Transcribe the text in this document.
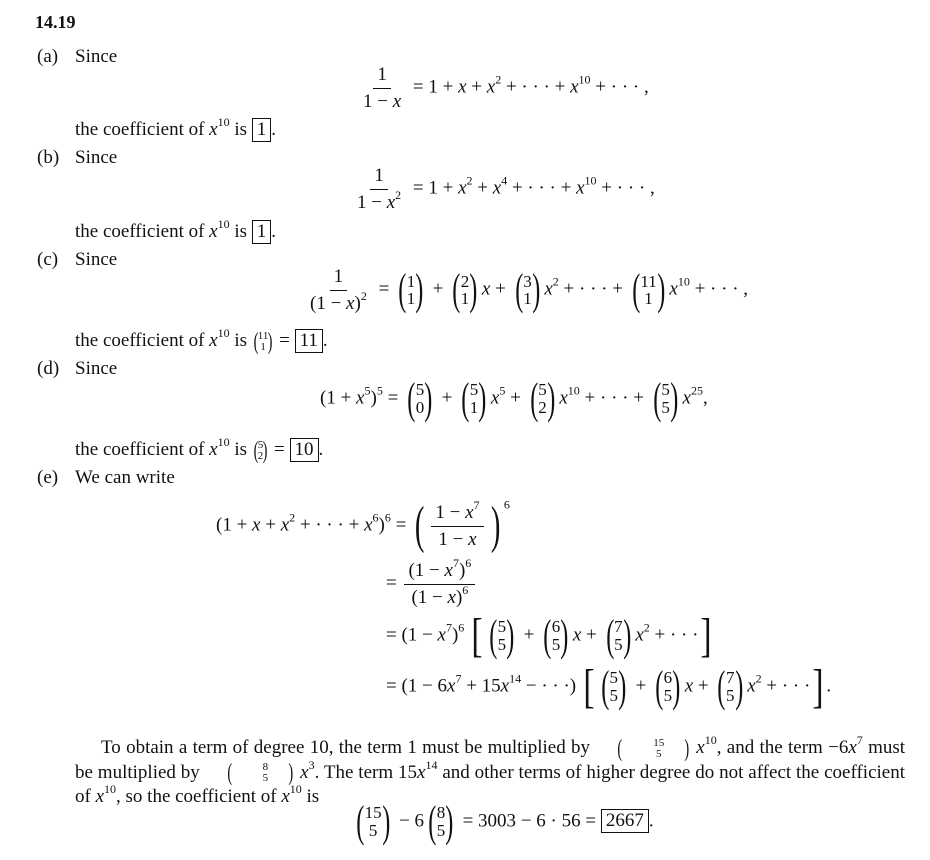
14.19
(a) Since
$\frac{1}{1 - x} = 1 + x + x^2$ + · · · + $x^{10}$ + · · · ,
the coefficient of $x^{10}$ is 1 .
(b) Since
$\frac{1}{1 - x^2} = 1 + x^2 + x^4$ + · · · + $x^{10}$ + · · · ,
the coefficient of $x^{10}$ is 1 .
(c) Since
$\frac{1}{(1 - x)^2}$ = ( 1
1 ) + ( 2
1 ) x + ( 3
1 ) $x^2$ + · · · + ( 11
1 ) $x^{10}$ + · · · ,
the coefficient of $x^{10}$ is ( 11
1 ) = 11 .
(d) Since
$(1 + x^5)^5$ = ( 5
0 ) + ( 5
1 ) $x^5$ + ( 5
2 ) $x^{10}$ + · · · + ( 5
5 ) $x^{25}$,
the coefficient of $x^{10}$ is ( 5
2 ) = 10 .
(e) We can write
($1 + x + x^2$ + · · · + $x^6)^6$ = ( $\frac{1 - x^7}{1 - x}$ ) $^6$
= $\frac{(1 - x^7)^6}{(1 - x)^6}$
= $(1 - x^7)^6$ [ ( 5
5 ) + ( 6
5 ) x + ( 7
5 ) $x^2$ + · · ·]
= ($1 - 6x^7 + 15x^{14}$ − · · ·) [ ( 5
5 ) + ( 6
5 ) x + ( 7
5 ) $x^2$ + · · ·] .
To obtain a term of degree 10, the term 1 must be multiplied by	(	15
5 ) $x^{10}$, and the term $-6x^7$ must be multiplied by	(	8
5 ) $x^3$. The term $15x^{14}$ and other terms of higher degree do not affect the coefficient of $x^{10}$, so the coefficient of $x^{10}$ is
( 15
5 ) − 6 ( 8
5 ) = 3003 − 6 · 56 = 2667 .
